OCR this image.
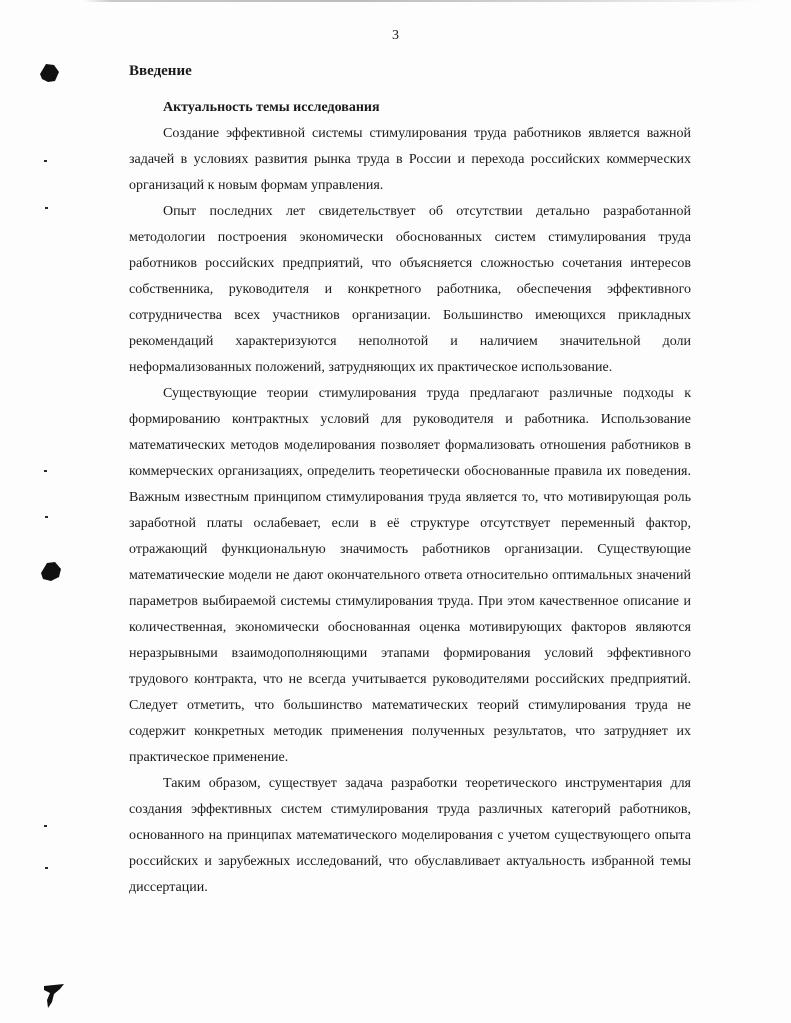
3
Введение
Актуальность темы исследования

Создание эффективной системы стимулирования труда работников является важной задачей в условиях развития рынка труда в России и перехода российских коммерческих организаций к новым формам управления.

Опыт последних лет свидетельствует об отсутствии детально разработанной методологии построения экономически обоснованных систем стимулирования труда работников российских предприятий, что объясняется сложностью сочетания интересов собственника, руководителя и конкретного работника, обеспечения эффективного сотрудничества всех участников организации. Большинство имеющихся прикладных рекомендаций характеризуются неполнотой и наличием значительной доли неформализованных положений, затрудняющих их практическое использование.

Существующие теории стимулирования труда предлагают различные подходы к формированию контрактных условий для руководителя и работника. Использование математических методов моделирования позволяет формализовать отношения работников в коммерческих организациях, определить теоретически обоснованные правила их поведения. Важным известным принципом стимулирования труда является то, что мотивирующая роль заработной платы ослабевает, если в её структуре отсутствует переменный фактор, отражающий функциональную значимость работников организации. Существующие математические модели не дают окончательного ответа относительно оптимальных значений параметров выбираемой системы стимулирования труда. При этом качественное описание и количественная, экономически обоснованная оценка мотивирующих факторов являются неразрывными взаимодополняющими этапами формирования условий эффективного трудового контракта, что не всегда учитывается руководителями российских предприятий. Следует отметить, что большинство математических теорий стимулирования труда не содержит конкретных методик применения полученных результатов, что затрудняет их практическое применение.

Таким образом, существует задача разработки теоретического инструментария для создания эффективных систем стимулирования труда различных категорий работников, основанного на принципах математического моделирования с учетом существующего опыта российских и зарубежных исследований, что обуславливает актуальность избранной темы диссертации.
